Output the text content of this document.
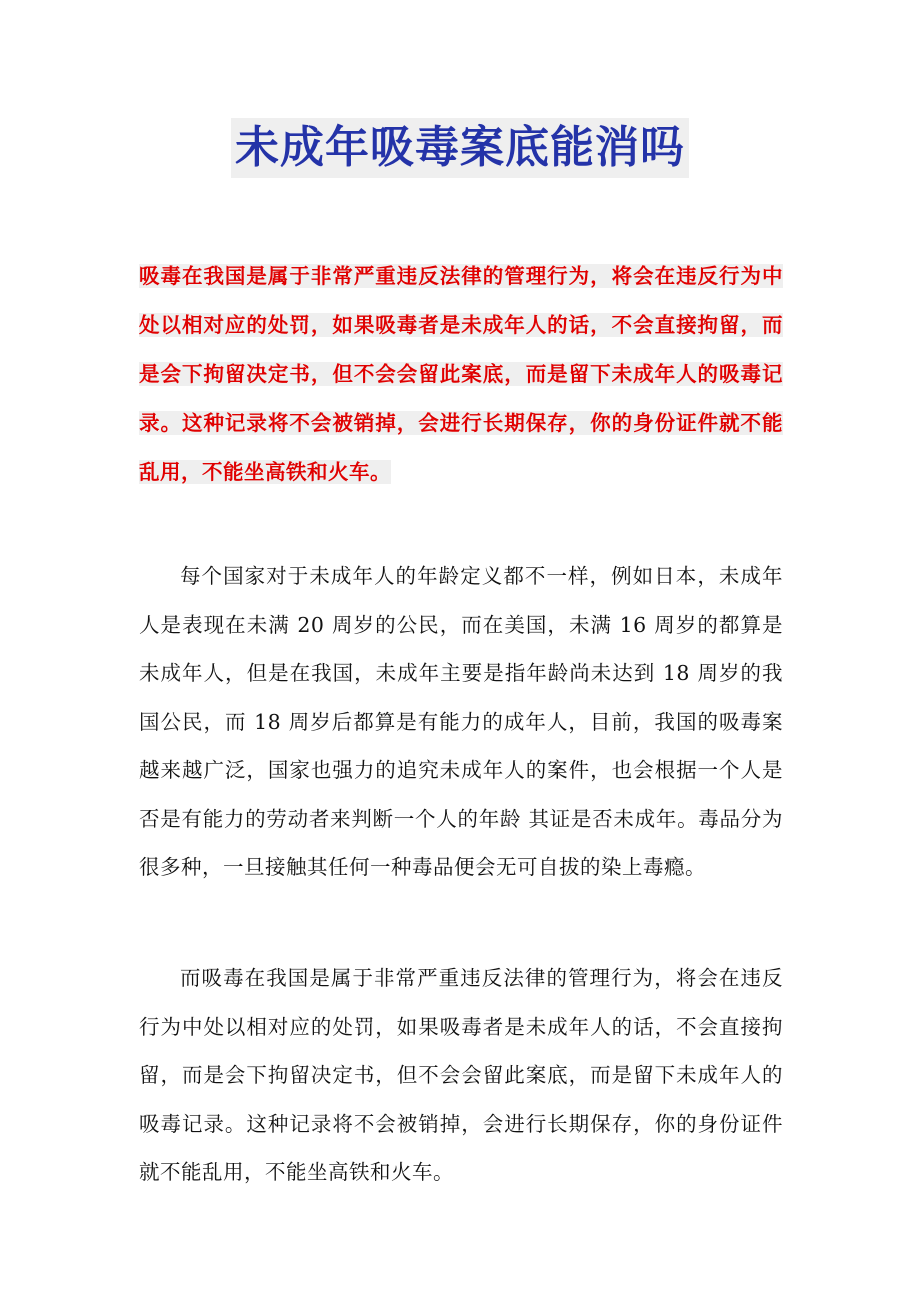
未成年吸毒案底能消吗
吸毒在我国是属于非常严重违反法律的管理行为，将会在违反行为中处以相对应的处罚，如果吸毒者是未成年人的话，不会直接拘留，而是会下拘留决定书，但不会会留此案底，而是留下未成年人的吸毒记录。这种记录将不会被销掉，会进行长期保存，你的身份证件就不能乱用，不能坐高铁和火车。

每个国家对于未成年人的年龄定义都不一样，例如日本，未成年人是表现在未满 20 周岁的公民，而在美国，未满 16 周岁的都算是未成年人，但是在我国，未成年主要是指年龄尚未达到 18 周岁的我国公民，而 18 周岁后都算是有能力的成年人，目前，我国的吸毒案越来越广泛，国家也强力的追究未成年人的案件，也会根据一个人是否是有能力的劳动者来判断一个人的年龄 其证是否未成年。毒品分为很多种，一旦接触其任何一种毒品便会无可自拔的染上毒瘾。

而吸毒在我国是属于非常严重违反法律的管理行为，将会在违反行为中处以相对应的处罚，如果吸毒者是未成年人的话，不会直接拘留，而是会下拘留决定书，但不会会留此案底，而是留下未成年人的吸毒记录。这种记录将不会被销掉，会进行长期保存，你的身份证件就不能乱用，不能坐高铁和火车。
